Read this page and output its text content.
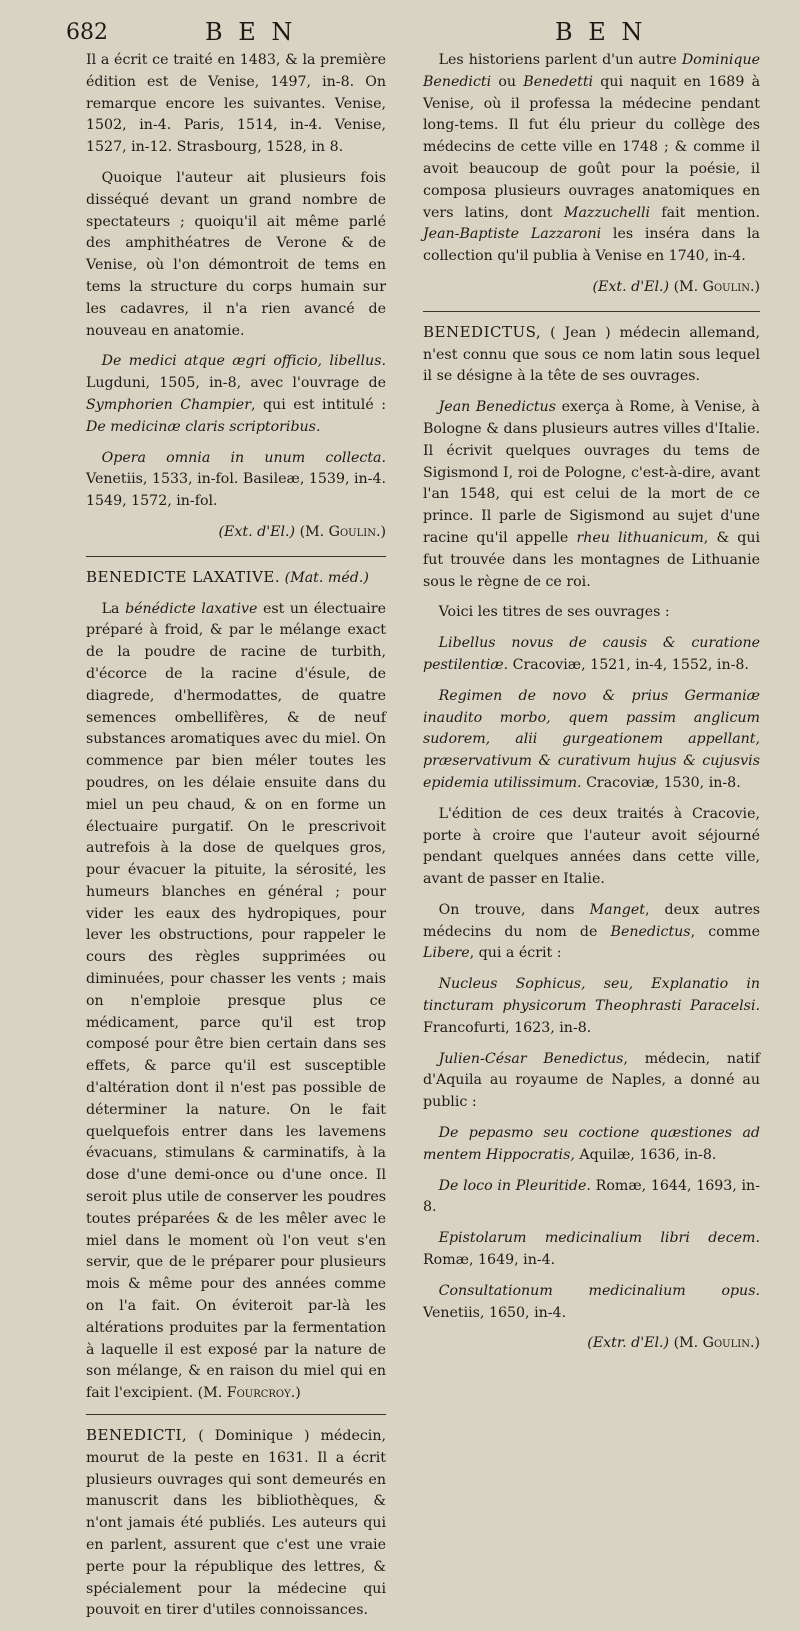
682	B E N	B E N

Il a écrit ce traité en 1483, & la première édition est de Venise, 1497, in-8. On remarque encore les suivantes. Venise, 1502, in-4. Paris, 1514, in-4. Venise, 1527, in-12. Strasbourg, 1528, in 8.

Quoique l'auteur ait plusieurs fois disséqué devant un grand nombre de spectateurs ; quoiqu'il ait même parlé des amphithéatres de Verone & de Venise, où l'on démontroit de tems en tems la structure du corps humain sur les cadavres, il n'a rien avancé de nouveau en anatomie.

De medici atque ægri officio, libellus. Lugduni, 1505, in-8, avec l'ouvrage de Symphorien Champier, qui est intitulé : De medicinæ claris scriptoribus.

Opera omnia in unum collecta. Venetiis, 1533, in-fol. Basileæ, 1539, in-4. 1549, 1572, in-fol.

(Ext. d'El.) (M. Goulin.)

BENEDICTE LAXATIVE. (Mat. méd.)

La bénédicte laxative est un électuaire préparé à froid, & par le mélange exact de la poudre de racine de turbith, d'écorce de la racine d'ésule, de diagrede, d'hermodattes, de quatre semences ombellifères, & de neuf substances aromatiques avec du miel. On commence par bien méler toutes les poudres, on les délaie ensuite dans du miel un peu chaud, & on en forme un électuaire purgatif. On le prescrivoit autrefois à la dose de quelques gros, pour évacuer la pituite, la sérosité, les humeurs blanches en général ; pour vider les eaux des hydropiques, pour lever les obstructions, pour rappeler le cours des règles supprimées ou diminuées, pour chasser les vents ; mais on n'emploie presque plus ce médicament, parce qu'il est trop composé pour être bien certain dans ses effets, & parce qu'il est susceptible d'altération dont il n'est pas possible de déterminer la nature. On le fait quelquefois entrer dans les lavemens évacuans, stimulans & carminatifs, à la dose d'une demi-once ou d'une once. Il seroit plus utile de conserver les poudres toutes préparées & de les mêler avec le miel dans le moment où l'on veut s'en servir, que de le préparer pour plusieurs mois & même pour des années comme on l'a fait. On éviteroit par-là les altérations produites par la fermentation à laquelle il est exposé par la nature de son mélange, & en raison du miel qui en fait l'excipient. (M. Fourcroy.)

BENEDICTI, ( Dominique ) médecin, mourut de la peste en 1631. Il a écrit plusieurs ouvrages qui sont demeurés en manuscrit dans les bibliothèques, & n'ont jamais été publiés. Les auteurs qui en parlent, assurent que c'est une vraie perte pour la république des lettres, & spécialement pour la médecine qui pouvoit en tirer d'utiles connoissances.

Les historiens parlent d'un autre Dominique Benedicti ou Benedetti qui naquit en 1689 à Venise, où il professa la médecine pendant long-tems. Il fut élu prieur du collège des médecins de cette ville en 1748 ; & comme il avoit beaucoup de goût pour la poésie, il composa plusieurs ouvrages anatomiques en vers latins, dont Mazzuchelli fait mention. Jean-Baptiste Lazzaroni les inséra dans la collection qu'il publia à Venise en 1740, in-4.

(Ext. d'El.) (M. Goulin.)

BENEDICTUS, ( Jean ) médecin allemand, n'est connu que sous ce nom latin sous lequel il se désigne à la tête de ses ouvrages.

Jean Benedictus exerça à Rome, à Venise, à Bologne & dans plusieurs autres villes d'Italie. Il écrivit quelques ouvrages du tems de Sigismond I, roi de Pologne, c'est-à-dire, avant l'an 1548, qui est celui de la mort de ce prince. Il parle de Sigismond au sujet d'une racine qu'il appelle rheu lithuanicum, & qui fut trouvée dans les montagnes de Lithuanie sous le règne de ce roi.

Voici les titres de ses ouvrages :

Libellus novus de causis & curatione pestilentiæ. Cracoviæ, 1521, in-4, 1552, in-8.

Regimen de novo & prius Germaniæ inaudito morbo, quem passim anglicum sudorem, alii gurgeationem appellant, præservativum & curativum hujus & cujusvis epidemia utilissimum. Cracoviæ, 1530, in-8.

L'édition de ces deux traités à Cracovie, porte à croire que l'auteur avoit séjourné pendant quelques années dans cette ville, avant de passer en Italie.

On trouve, dans Manget, deux autres médecins du nom de Benedictus, comme Libere, qui a écrit :

Nucleus Sophicus, seu, Explanatio in tincturam physicorum Theophrasti Paracelsi. Francofurti, 1623, in-8.

Julien-César Benedictus, médecin, natif d'Aquila au royaume de Naples, a donné au public :

De pepasmo seu coctione quæstiones ad mentem Hippocratis, Aquilæ, 1636, in-8.

De loco in Pleuritide. Romæ, 1644, 1693, in-8.

Epistolarum medicinalium libri decem. Romæ, 1649, in-4.

Consultationum medicinalium opus. Venetiis, 1650, in-4.

(Extr. d'El.) (M. Goulin.)
